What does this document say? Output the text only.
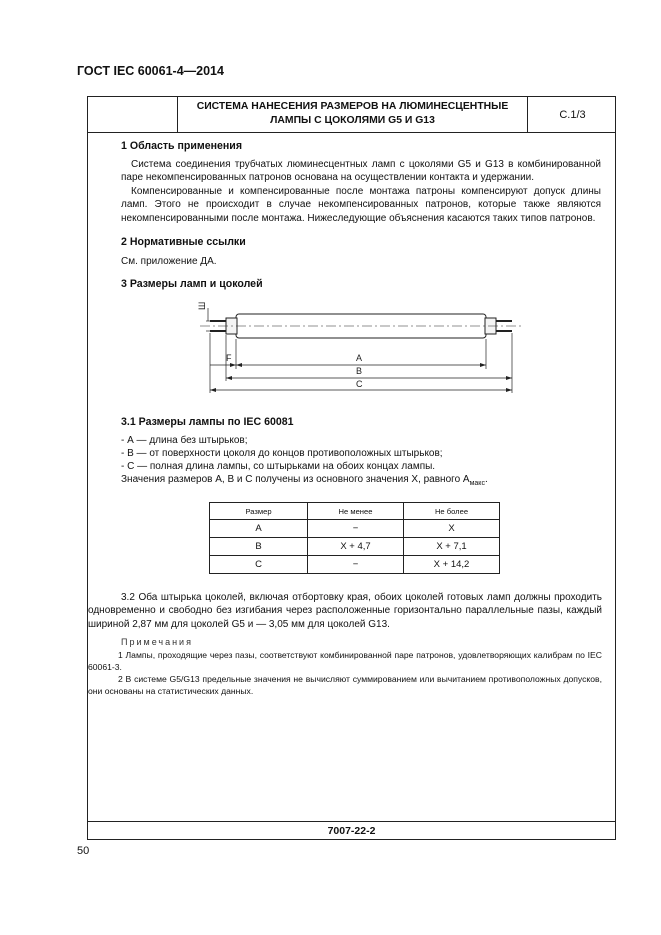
ГОСТ IEC 60061-4—2014
СИСТЕМА НАНЕСЕНИЯ РАЗМЕРОВ НА ЛЮМИНЕСЦЕНТНЫЕ
ЛАМПЫ С ЦОКОЛЯМИ G5 И G13	С.1/3
1 Область применения
Система соединения трубчатых люминесцентных ламп с цоколями G5 и G13 в комбинированной паре некомпенсированных патронов основана на осуществлении контакта и удержании.
Компенсированные и компенсированные после монтажа патроны компенсируют допуск длины ламп. Этого не происходит в случае некомпенсированных патронов, которые также являются некомпенсированными после монтажа. Нижеследующие объяснения касаются таких типов патронов.
2 Нормативные ссылки
См. приложение ДА.
3 Размеры ламп и цоколей
Ш
F	A
B
C
3.1 Размеры лампы по IEC 60081
- А — длина без штырьков;
- В — от поверхности цоколя до концов противоположных штырьков;
- С — полная длина лампы, со штырьками на обоих концах лампы.
Значения размеров А, В и С получены из основного значения X, равного $А_{макс}$.
Размер	Не менее	Не более
А	−	X
В	X + 4,7	X + 7,1
С	−	X + 14,2
3.2 Оба штырька цоколей, включая отбортовку края, обоих цоколей готовых ламп должны проходить одновременно и свободно без изгибания через расположенные горизонтально параллельные пазы, каждый шириной 2,87 мм для цоколей G5 и — 3,05 мм для цоколей G13.
Примечания
1 Лампы, проходящие через пазы, соответствуют комбинированной паре патронов, удовлетворяющих калибрам по IEC 60061-3.
2 В системе G5/G13 предельные значения не вычисляют суммированием или вычитанием противоположных допусков, они основаны на статистических данных.
7007-22-2
50
